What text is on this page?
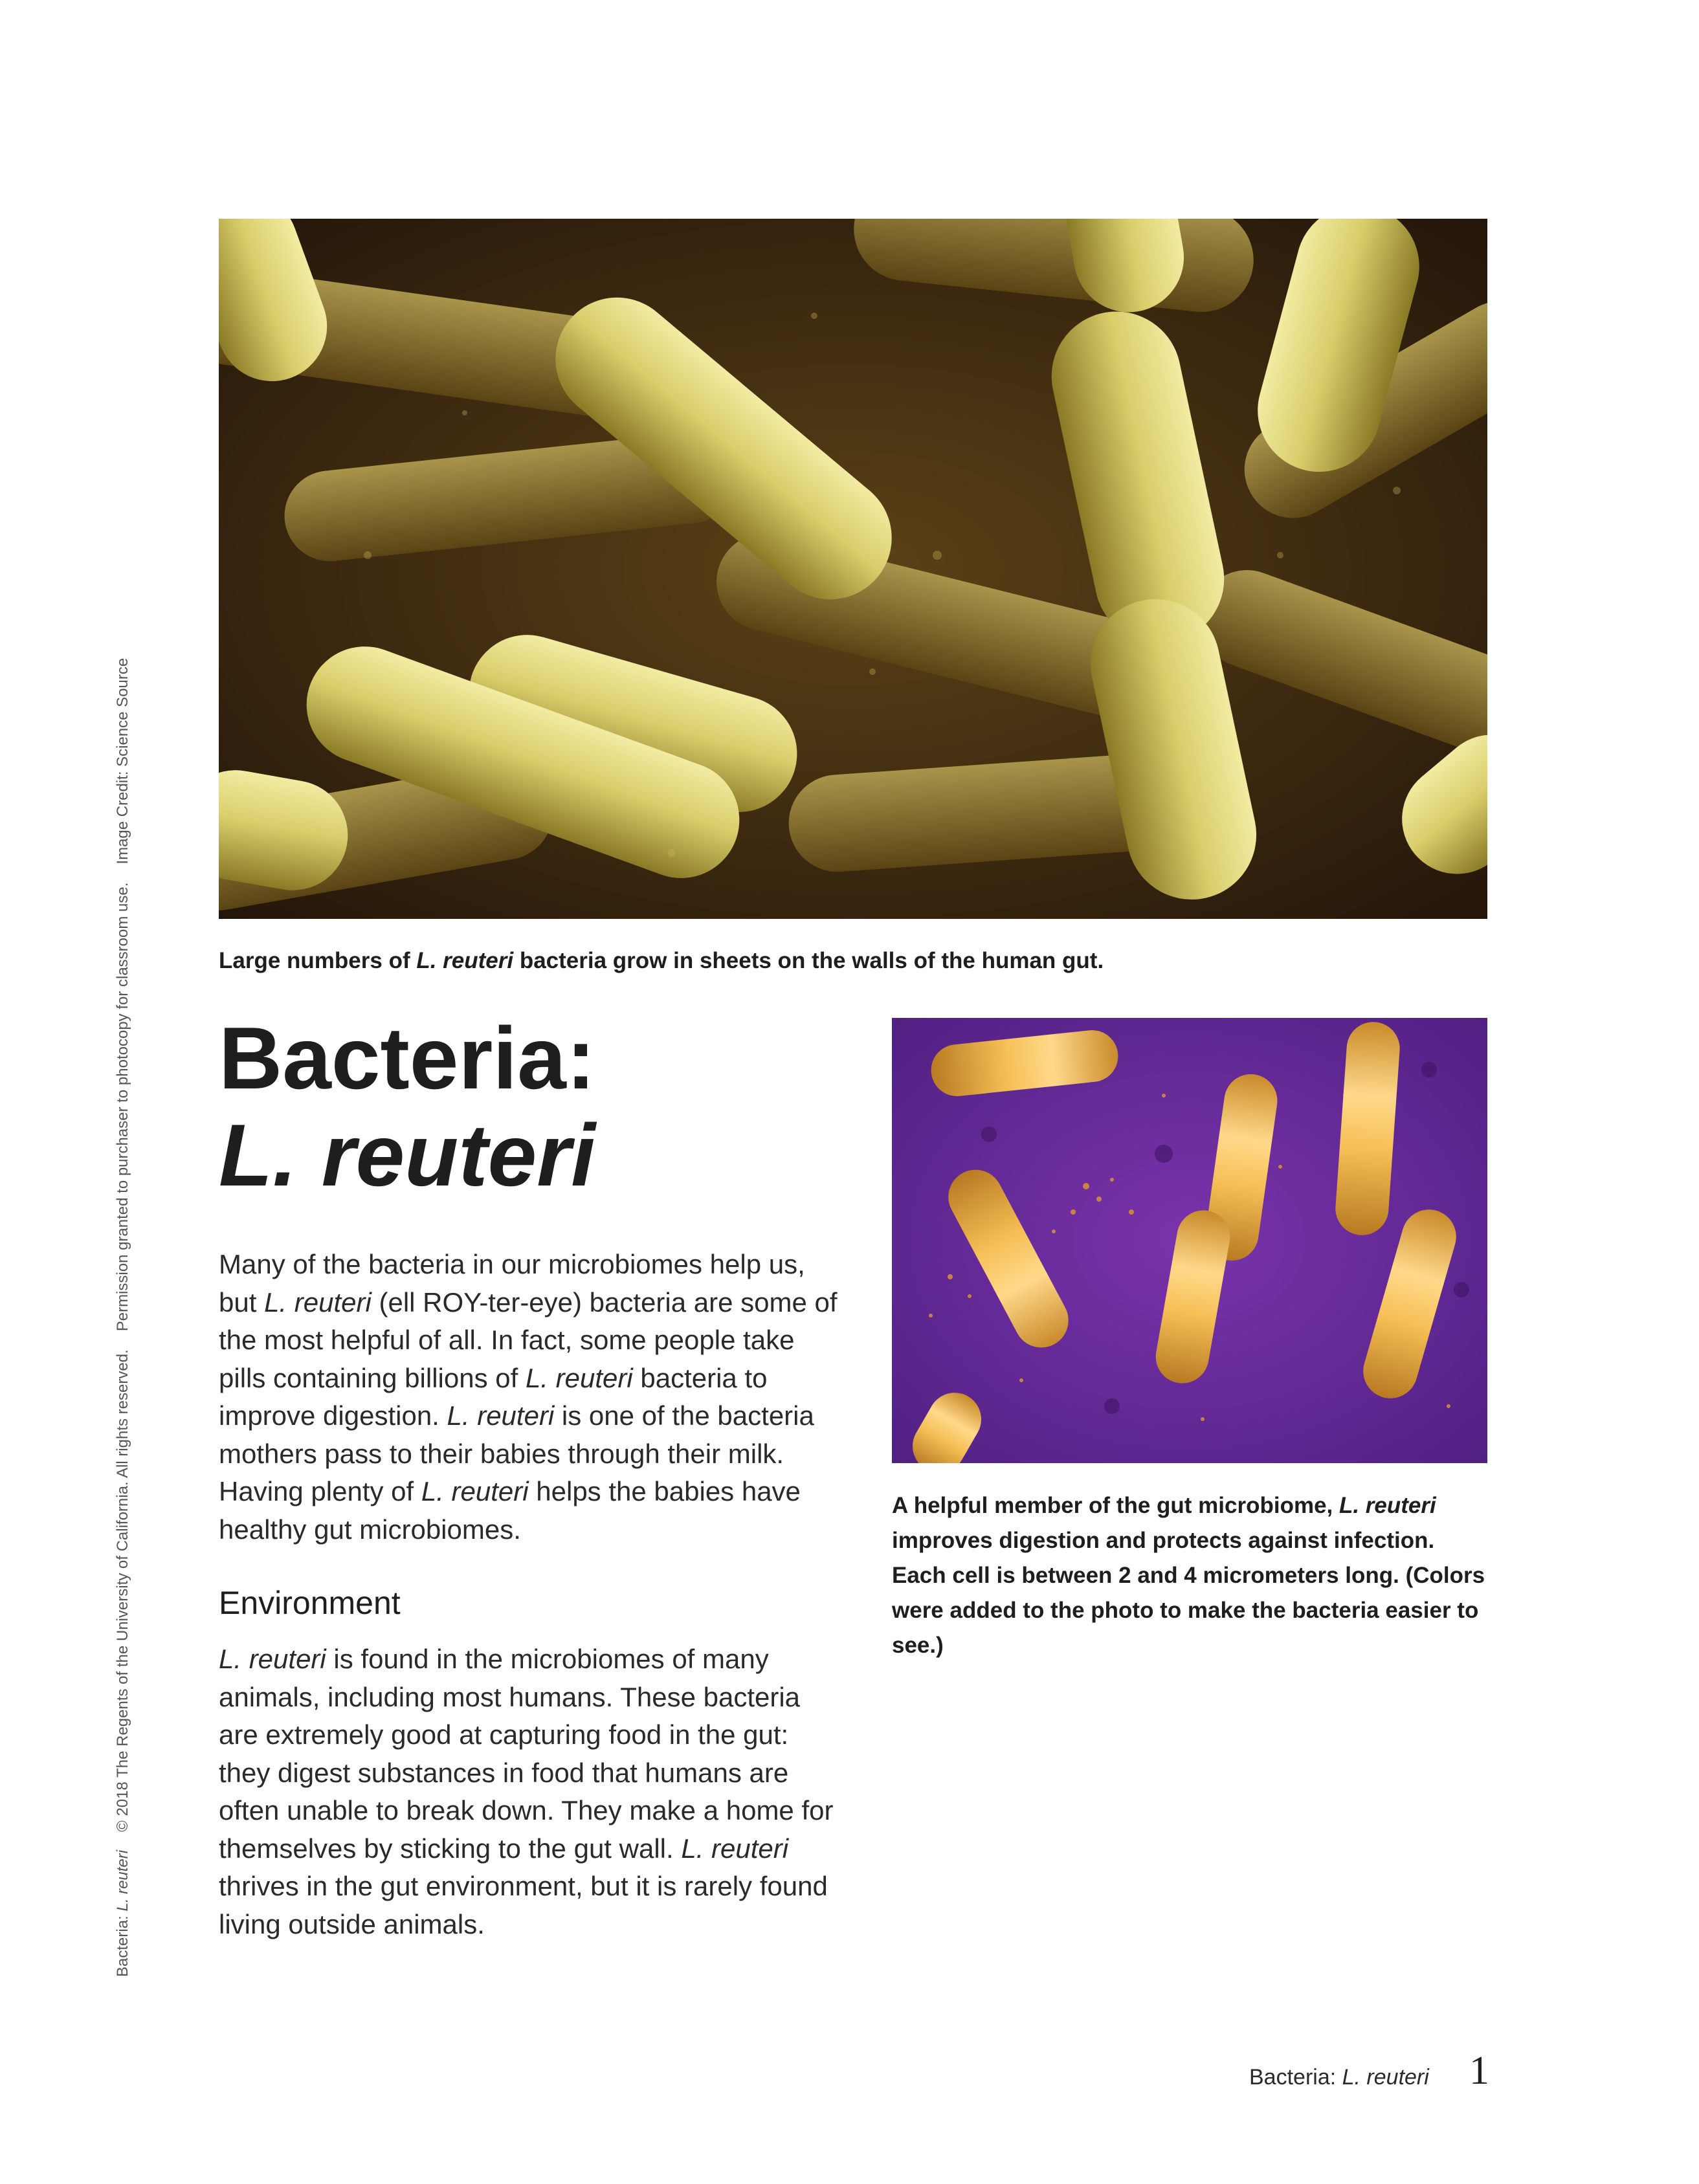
Large numbers of L. reuteri bacteria grow in sheets on the walls of the human gut.
Bacteria:
L. reuteri
Many of the bacteria in our microbiomes help us, but L. reuteri (ell ROY-ter-eye) bacteria are some of the most helpful of all. In fact, some people take pills containing billions of L. reuteri bacteria to improve digestion. L. reuteri is one of the bacteria mothers pass to their babies through their milk. Having plenty of L. reuteri helps the babies have healthy gut microbiomes.
Environment
L. reuteri is found in the microbiomes of many animals, including most humans. These bacteria are extremely good at capturing food in the gut: they digest substances in food that humans are often unable to break down. They make a home for themselves by sticking to the gut wall. L. reuteri thrives in the gut environment, but it is rarely found living outside animals.
A helpful member of the gut microbiome, L. reuteri improves digestion and protects against infection. Each cell is between 2 and 4 micrometers long. (Colors were added to the photo to make the bacteria easier to see.)
Bacteria: L. reuteri© 2018 The Regents of the University of California. All rights reserved.Permission granted to purchaser to photocopy for classroom use.Image Credit: Science Source
Bacteria: L. reuteri 1
